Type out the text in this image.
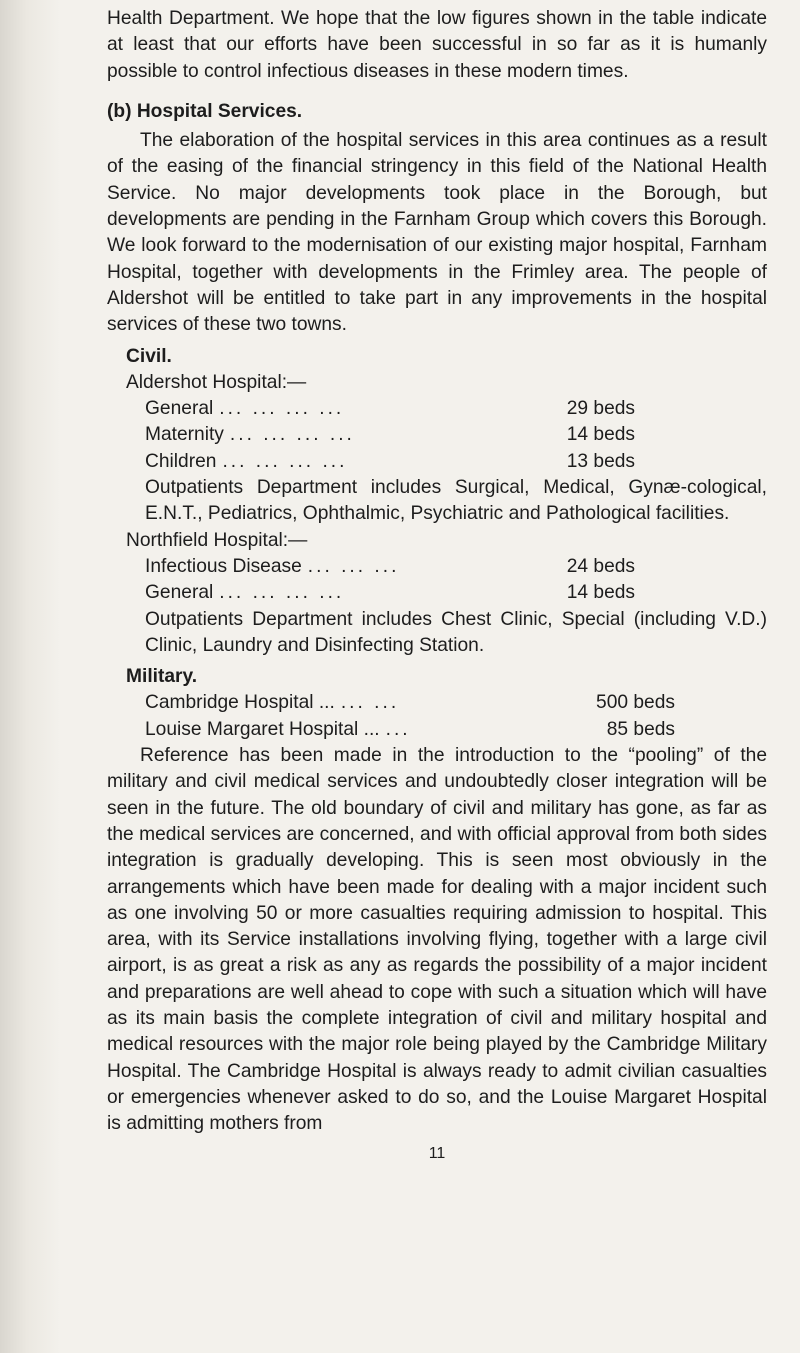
Health Department. We hope that the low figures shown in the table indicate at least that our efforts have been successful in so far as it is humanly possible to control infectious diseases in these modern times.

(b) Hospital Services.

The elaboration of the hospital services in this area continues as a result of the easing of the financial stringency in this field of the National Health Service. No major developments took place in the Borough, but developments are pending in the Farnham Group which covers this Borough. We look forward to the modernisation of our existing major hospital, Farnham Hospital, together with developments in the Frimley area. The people of Aldershot will be entitled to take part in any improvements in the hospital services of these two towns.

Civil.

Aldershot Hospital:—

General ... ... ... ...	29 beds
Maternity ... ... ... ...	14 beds
Children ... ... ... ...	13 beds

Outpatients Department includes Surgical, Medical, Gynæ-cological, E.N.T., Pediatrics, Ophthalmic, Psychiatric and Pathological facilities.

Northfield Hospital:—

Infectious Disease ... ... ...	24 beds
General ... ... ... ...	14 beds

Outpatients Department includes Chest Clinic, Special (including V.D.) Clinic, Laundry and Disinfecting Station.

Military.

Cambridge Hospital ... ... ...	500 beds
Louise Margaret Hospital ... ...	85 beds

Reference has been made in the introduction to the “pooling” of the military and civil medical services and undoubtedly closer integration will be seen in the future. The old boundary of civil and military has gone, as far as the medical services are concerned, and with official approval from both sides integration is gradually developing. This is seen most obviously in the arrangements which have been made for dealing with a major incident such as one involving 50 or more casualties requiring admission to hospital. This area, with its Service installations involving flying, together with a large civil airport, is as great a risk as any as regards the possibility of a major incident and preparations are well ahead to cope with such a situation which will have as its main basis the complete integration of civil and military hospital and medical resources with the major role being played by the Cambridge Military Hospital. The Cambridge Hospital is always ready to admit civilian casualties or emergencies whenever asked to do so, and the Louise Margaret Hospital is admitting mothers from

11
